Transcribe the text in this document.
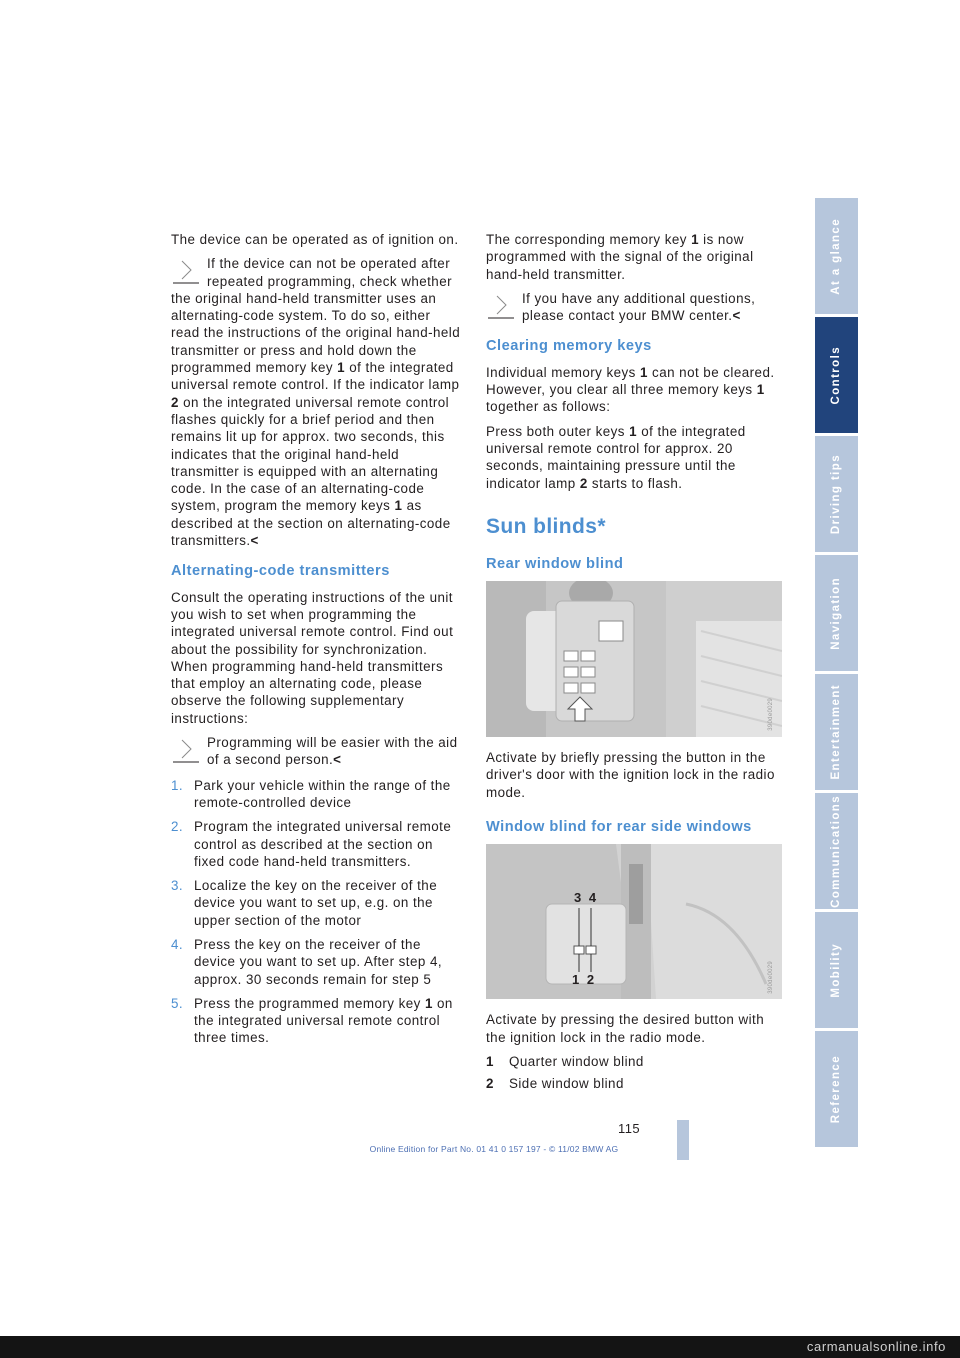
The device can be operated as of ignition on.

If the device can not be operated after repeated programming, check whether the original hand-held transmitter uses an alternating-code system. To do so, either read the instructions of the original hand-held transmitter or press and hold down the programmed memory key 1 of the integrated universal remote control. If the indicator lamp 2 on the integrated universal remote control flashes quickly for a brief period and then remains lit up for approx. two seconds, this indicates that the original hand-held transmitter is equipped with an alternating code. In the case of an alternating-code system, program the memory keys 1 as described at the section on alternating-code transmitters.<
Alternating-code transmitters

Consult the operating instructions of the unit you wish to set when programming the integrated universal remote control. Find out about the possibility for synchronization.
When programming hand-held transmitters that employ an alternating code, please observe the following supplementary instructions:

Programming will be easier with the aid of a second person.<
1. Park your vehicle within the range of the remote-controlled device
2. Program the integrated universal remote control as described at the section on fixed code hand-held transmitters.
3. Localize the key on the receiver of the device you want to set up, e.g. on the upper section of the motor
4. Press the key on the receiver of the device you want to set up. After step 4, approx. 30 seconds remain for step 5
5. Press the programmed memory key 1 on the integrated universal remote control three times.

The corresponding memory key 1 is now programmed with the signal of the original hand-held transmitter.

If you have any additional questions, please contact your BMW center.<
Clearing memory keys

Individual memory keys 1 can not be cleared. However, you clear all three memory keys 1 together as follows:

Press both outer keys 1 of the integrated universal remote control for approx. 20 seconds, maintaining pressure until the indicator lamp 2 starts to flash.

Sun blinds*
Rear window blind
390de0029

Activate by briefly pressing the button in the driver's door with the ignition lock in the radio mode.

Window blind for rear side windows
3 4
1 2	390de0029

Activate by pressing the desired button with the ignition lock in the radio mode.

1 Quarter window blind
2 Side window blind
At a glance
Controls
Driving tips
Navigation
Entertainment
Communications
Mobility
Reference
115
Online Edition for Part No. 01 41 0 157 197 - © 11/02 BMW AG
carmanualsonline.info
